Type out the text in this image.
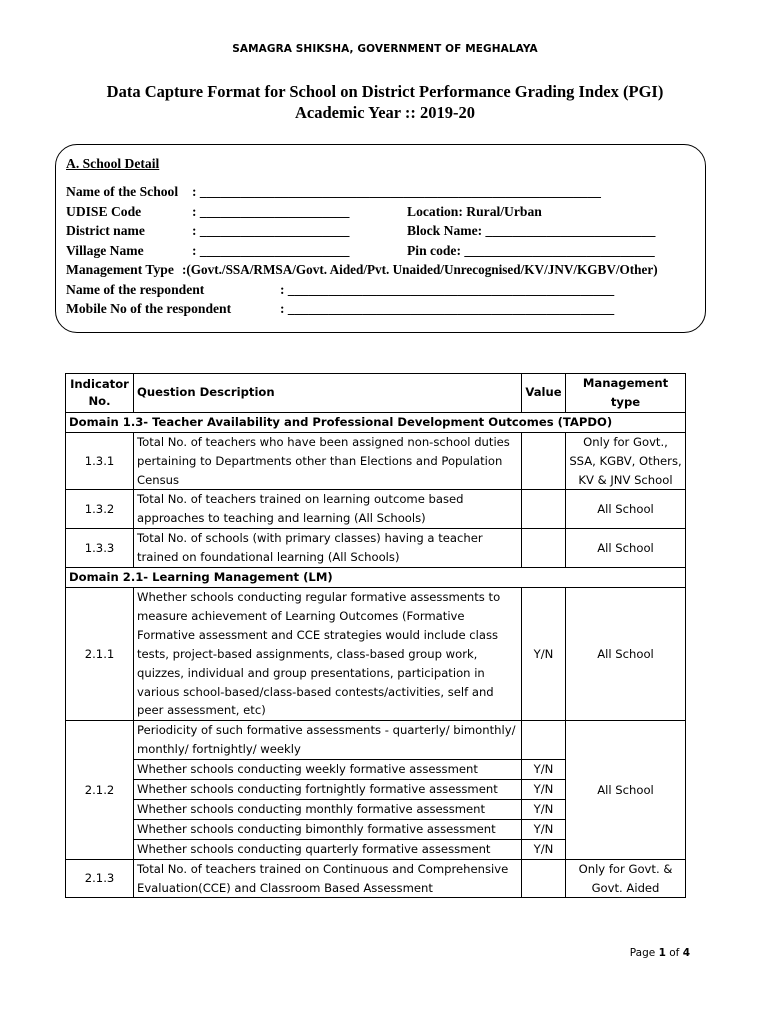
SAMAGRA SHIKSHA, GOVERNMENT OF MEGHALAYA
Data Capture Format for School on District Performance Grading Index (PGI)
Academic Year :: 2019-20
A. School Detail
Name of the School : ___________________________________________________________
UDISE Code	: ______________________	Location: Rural/Urban
District name	: ______________________	Block Name: _________________________
Village Name	: ______________________	Pin code: ____________________________
Management Type :(Govt./SSA/RMSA/Govt. Aided/Pvt. Unaided/Unrecognised/KV/JNV/KGBV/Other)
Name of the respondent	: ________________________________________________
Mobile No of the respondent	: ________________________________________________
Indicator No.	Question Description	Value	Management type
Domain 1.3- Teacher Availability and Professional Development Outcomes (TAPDO)			
1.3.1	Total No. of teachers who have been assigned non-school duties pertaining to Departments other than Elections and Population Census		Only for Govt., SSA, KGBV, Others, KV & JNV School
1.3.2	Total No. of teachers trained on learning outcome based approaches to teaching and learning (All Schools)		All School
1.3.3	Total No. of schools (with primary classes) having a teacher trained on foundational learning (All Schools)		All School
Domain 2.1- Learning Management (LM)			
2.1.1	Whether schools conducting regular formative assessments to measure achievement of Learning Outcomes (Formative Formative assessment and CCE strategies would include class tests, project-based assignments, class-based group work, quizzes, individual and group presentations, participation in various school-based/class-based contests/activities, self and peer assessment, etc)	Y/N	All School
2.1.2	Periodicity of such formative assessments - quarterly/ bimonthly/ monthly/ fortnightly/ weekly		All School
	Whether schools conducting weekly formative assessment	Y/N	
	Whether schools conducting fortnightly formative assessment	Y/N	
	Whether schools conducting monthly formative assessment	Y/N	
	Whether schools conducting bimonthly formative assessment	Y/N	
	Whether schools conducting quarterly formative assessment	Y/N	
2.1.3	Total No. of teachers trained on Continuous and Comprehensive Evaluation(CCE) and Classroom Based Assessment		Only for Govt. & Govt. Aided
Page 1 of 4
